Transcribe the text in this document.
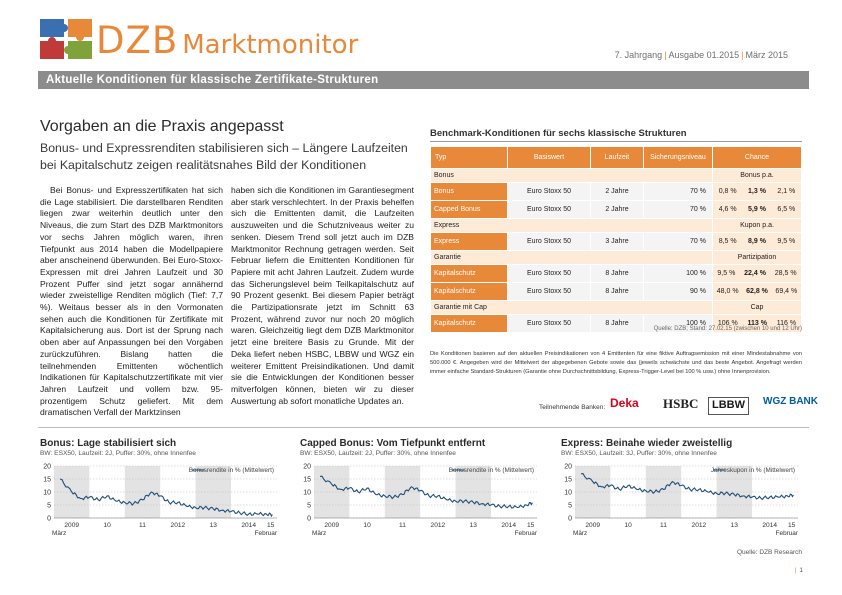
DZB Marktmonitor	7. Jahrgang | Ausgabe 01.2015 | März 2015
Aktuelle Konditionen für klassische Zertifikate-Strukturen
Vorgaben an die Praxis angepasst
Bonus- und Expressrenditen stabilisieren sich – Längere Laufzeiten bei Kapitalschutz zeigen realitätsnahes Bild der Konditionen

Bei Bonus- und Expresszertifikaten hat sich die Lage stabilisiert. Die darstellbaren Renditen liegen zwar weiterhin deutlich unter den Niveaus, die zum Start des DZB Marktmonitors vor sechs Jahren möglich waren, ihren Tiefpunkt aus 2014 haben die Modellpapiere aber anscheinend überwunden. Bei Euro-Stoxx-Expressen mit drei Jahren Laufzeit und 30 Prozent Puffer sind jetzt sogar annähernd wieder zweistellige Renditen möglich (Tief: 7,7 %). Weitaus besser als in den Vormonaten sehen auch die Konditionen für Zertifikate mit Kapitalsicherung aus. Dort ist der Sprung nach oben aber auf Anpassungen bei den Vorgaben zurückzuführen. Bislang hatten die teilnehmenden Emittenten wöchentlich Indikationen für Kapitalschutzzertifikate mit vier Jahren Laufzeit und vollem bzw. 95-prozentigem Schutz geliefert. Mit dem dramatischen Verfall der Marktzinsen

haben sich die Konditionen im Garantiesegment aber stark verschlechtert. In der Praxis behelfen sich die Emittenten damit, die Laufzeiten auszuweiten und die Schutzniveaus weiter zu senken. Diesem Trend soll jetzt auch im DZB Marktmonitor Rechnung getragen werden. Seit Februar liefern die Emittenten Konditionen für Papiere mit acht Jahren Laufzeit. Zudem wurde das Sicherungslevel beim Teilkapitalschutz auf 90 Prozent gesenkt. Bei diesem Papier beträgt die Partizipationsrate jetzt im Schnitt 63 Prozent, während zuvor nur noch 20 möglich waren. Gleichzeitig liegt dem DZB Marktmonitor jetzt eine breitere Basis zu Grunde. Mit der Deka liefert neben HSBC, LBBW und WGZ ein weiterer Emittent Preisindikationen. Und damit sie die Entwicklungen der Konditionen besser mitverfolgen können, bieten wir zu dieser Auswertung ab sofort monatliche Updates an.

Benchmark-Konditionen für sechs klassische Strukturen
Typ	Basiswert	Laufzeit	Sicherungsniveau	Chance
Bonus				Bonus p.a.
Bonus	Euro Stoxx 50	2 Jahre	70 %	0,8 % 1,3 % 2,1 %

Capped Bonus	Euro Stoxx 50	2 Jahre	70 %	4,6 % 5,9 % 6,5 %

Express				Kupon p.a.
Express	Euro Stoxx 50	3 Jahre	70 %	8,5 % 8,9 % 9,5 %

Garantie				Partizipation
Kapitalschutz	Euro Stoxx 50	8 Jahre	100 %	9,5 % 22,4 % 28,5 %

Kapitalschutz	Euro Stoxx 50	8 Jahre	90 %	48,0 % 62,8 % 69,4 %

Garantie mit Cap				Cap
Kapitalschutz	Euro Stoxx 50	8 Jahre	100 %	106 % 113 % 116 %
Quelle: DZB; Stand: 27.02.15 (zwischen 10 und 12 Uhr)
Die Konditionen basieren auf den aktuellen Preisindikationen von 4 Emittenten für eine fiktive Auftragsemission mit einer Mindestabnahme von 500.000 €. Angegeben wird der Mittelwert der abgegebenen Gebote sowie das (jeweils schwächste und das beste Angebot. Angefragt werden immer einfache Standard-Strukturen (Garantie ohne Durchschnittsbildung, Express-Trigger-Level bei 100 % usw.) ohne Innenprovision.
Teilnehmende Banken: Deka HSBC	LBBW	WGZ BANK
Bonus: Lage stabilisiert sich
BW: ESX50, Laufzeit: 2J, Puffer: 30%, ohne Innenfee
0
5
10
15
20	Bonusrendite in % (Mittelwert)
2009	10	11	2012	13	2014 15
März	Februar
Capped Bonus: Vom Tiefpunkt entfernt
BW: ESX50, Laufzeit: 2J, Puffer: 30%, ohne Innenfee
0
5
10
15
20	Bonusrendite in % (Mittelwert)
2009	10	11	2012	13	2014 15
März	Februar
Express: Beinahe wieder zweistellig
BW: ESX50, Laufzeit: 3J, Puffer: 30%, ohne Innenfee
0
5
10
15
20	Jahreskupon in % (Mittelwert)
2009	10	11	2012	13	2014 15
März	Februar
Quelle: DZB Research
| 1
